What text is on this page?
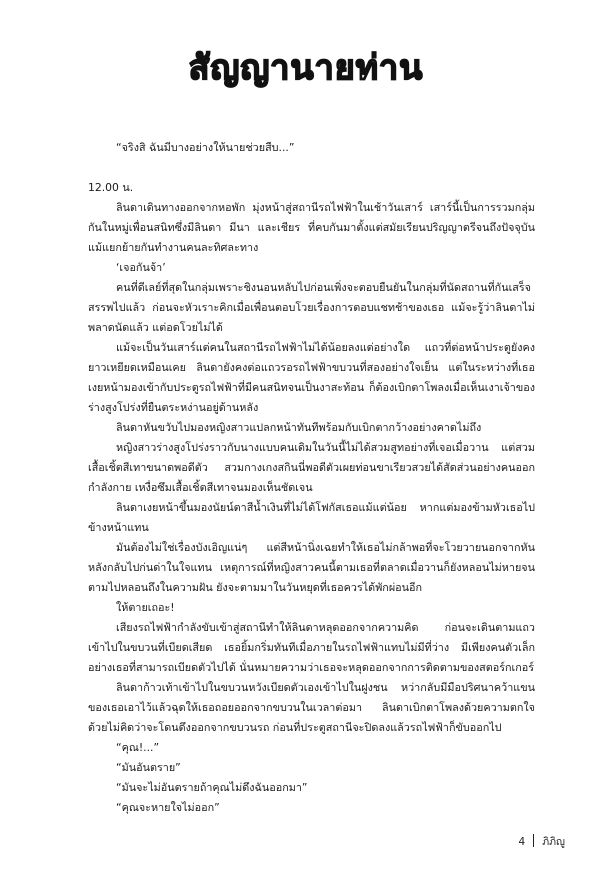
สัญญานายท่าน

“จริงสิ ฉันมีบางอย่างให้นายช่วยสืบ...”

12.00 น.

ลินดาเดินทางออกจากหอพัก มุ่งหน้าสู่สถานีรถไฟฟ้าในเช้าวันเสาร์ เสาร์นี้เป็นการรวมกลุ่มกันในหมู่เพื่อนสนิทซึ่งมีลินดา มีนา และเชียร ที่คบกันมาตั้งแต่สมัยเรียนปริญญาตรีจนถึงปัจจุบัน แม้แยกย้ายกันทำงานคนละทิศละทาง

‘เจอกันจ้า’

คนที่ดีเลย์ที่สุดในกลุ่มเพราะชิงนอนหลับไปก่อนเพิ่งจะตอบยืนยันในกลุ่มที่นัดสถานที่กันเสร็จสรรพไปแล้ว ก่อนจะหัวเราะคิกเมื่อเพื่อนตอบโวยเรื่องการตอบแชทช้าของเธอ แม้จะรู้ว่าลินดาไม่พลาดนัดแล้ว แต่อดโวยไม่ได้

แม้จะเป็นวันเสาร์แต่คนในสถานีรถไฟฟ้าไม่ได้น้อยลงแต่อย่างใด แถวที่ต่อหน้าประตูยังคงยาวเหยียดเหมือนเคย ลินดายังคงต่อแถวรอรถไฟฟ้าขบวนที่สองอย่างใจเย็น แต่ในระหว่างที่เธอเงยหน้ามองเข้ากับประตูรถไฟฟ้าที่มีคนสนิทจนเป็นงาสะท้อน ก็ต้องเบิกตาโพลงเมื่อเห็นเงาเจ้าของร่างสูงโปร่งที่ยืนตระหง่านอยู่ด้านหลัง

ลินดาหันขวับไปมองหญิงสาวแปลกหน้าทันทีพร้อมกับเบิกตากว้างอย่างคาดไม่ถึง

หญิงสาวร่างสูงโปร่งราวกับนางแบบคนเดิมในวันนี้ไม่ได้สวมสูทอย่างที่เจอเมื่อวาน แต่สวมเสื้อเชิ้ตสีเทาขนาดพอดีตัว สวมกางเกงสกินนี่พอดีตัวเผยท่อนขาเรียวสวยได้สัดส่วนอย่างคนออกกำลังกาย เหงื่อซึมเสื้อเชิ้ตสีเทาจนมองเห็นชัดเจน

ลินดาเงยหน้าขึ้นมองนัยน์ตาสีน้ำเงินที่ไม่ได้โฟกัสเธอแม้แต่น้อย หากแต่มองข้ามหัวเธอไปข้างหน้าแทน

มันต้องไม่ใช่เรื่องบังเอิญแน่ๆ แต่สีหน้านิ่งเฉยทำให้เธอไม่กล้าพอที่จะโวยวายนอกจากหันหลังกลับไปก่นด่าในใจแทน เหตุการณ์ที่หญิงสาวคนนี้ตามเธอที่ตลาดเมื่อวานก็ยังหลอนไม่หายจนตามไปหลอนถึงในความฝัน ยังจะตามมาในวันหยุดที่เธอควรได้พักผ่อนอีก

ให้ตายเถอะ!

เสียงรถไฟฟ้ากำลังขับเข้าสู่สถานีทำให้ลินดาหลุดออกจากความคิด ก่อนจะเดินตามแถวเข้าไปในขบวนที่เบียดเสียด เธอยิ้มกริ่มทันทีเมื่อภายในรถไฟฟ้าแทบไม่มีที่ว่าง มีเพียงคนตัวเล็กอย่างเธอที่สามารถเบียดตัวไปได้ นั่นหมายความว่าเธอจะหลุดออกจากการติดตามของสตอร์กเกอร์

ลินดาก้าวเท้าเข้าไปในขบวนหวังเบียดตัวเองเข้าไปในฝูงชน หว่ากลับมีมือปริศนาคว้าแขนของเธอเอาไว้แล้วฉุดให้เธอถอยออกจากขบวนในเวลาต่อมา ลินดาเบิกตาโพลงด้วยความตกใจด้วยไม่คิดว่าจะโดนดึงออกจากขบวนรถ ก่อนที่ประตูสถานีจะปิดลงแล้วรถไฟฟ้าก็ขับออกไป

“คุณ!...”

“มันอันตราย”

“มันจะไม่อันตรายถ้าคุณไม่ดึงฉันออกมา”

“คุณจะหายใจไม่ออก”

4 ภิภิญู
